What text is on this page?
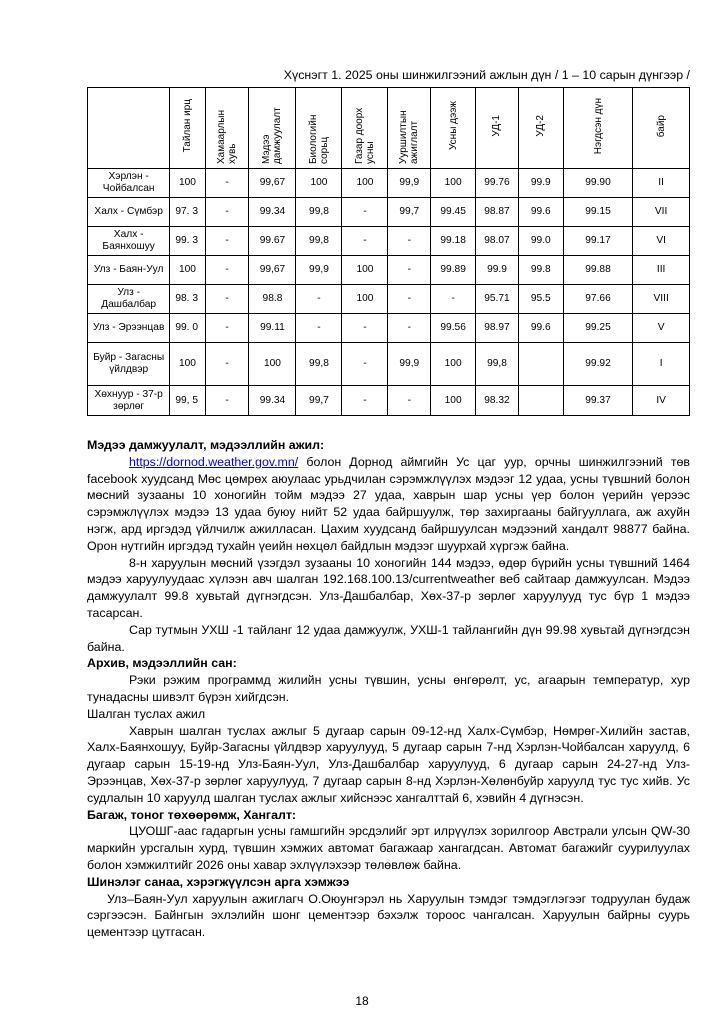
Хүснэгт 1. 2025 оны шинжилгээний ажлын дүн / 1 – 10 сарын дүнгээр /
	Тайлан ирц	Хамаарлын хувь	Мэдээ дамжуулалт	Биологийн сорьц	Газар доорх усны	Ууршилтын ажиглалт	Усны дээж	УД-1	УД-2	Нэгдсэн дүн	байр
Хэрлэн - Чойбалсан	100	-	99,67	100	100	99,9	100	99.76	99.9	99.90	II
Халх - Сүмбэр	97. 3	-	99.34	99,8	-	99,7	99.45	98.87	99.6	99.15	VII
Халх - Баянхошуу	99. 3	-	99.67	99,8	-	-	99.18	98.07	99.0	99.17	VI
Улз - Баян-Уул	100	-	99,67	99,9	100	-	99.89	99.9	99.8	99.88	III
Улз - Дашбалбар	98. 3	-	98.8	-	100	-	-	95.71	95.5	97.66	VIII
Улз - Эрээнцав	99. 0	-	99.11	-	-	-	99.56	98.97	99.6	99.25	V
Буйр - Загасны үйлдвэр	100	-	100	99,8	-	99,9	100	99,8		99.92	I
Хөхнуур - 37-р зөрлөг	99, 5	-	99.34	99,7	-	-	100	98.32		99.37	IV

Мэдээ дамжуулалт, мэдээллийн ажил:

https://dornod.weather.gov.mn/ болон Дорнод аймгийн Ус цаг уур, орчны шинжилгээний төв facebook хуудсанд Мөс цөмрөх аюулаас урьдчилан сэрэмжлүүлэх мэдээг 12 удаа, усны түвшний болон мөсний зузааны 10 хоногийн тойм мэдээ 27 удаа, хаврын шар усны үер болон үерийн үерээс сэрэмжлүүлэх мэдээ 13 удаа буюу нийт 52 удаа байршуулж, төр захиргааны байгууллага, аж ахуйн нэгж, ард иргэдэд үйлчилж ажилласан. Цахим хуудсанд байршуулсан мэдээний хандалт 98877 байна. Орон нутгийн иргэдэд тухайн үеийн нөхцөл байдлын мэдээг шуурхай хүргэж байна.

8-н харуулын мөсний үзэгдэл зузааны 10 хоногийн 144 мэдээ, өдөр бүрийн усны түвшний 1464 мэдээ харуулуудаас хүлээн авч шалган 192.168.100.13/currentweather веб сайтаар дамжуулсан. Мэдээ дамжуулалт 99.8 хувьтай дүгнэгдсэн. Улз-Дашбалбар, Хөх-37-р зөрлөг харуулууд тус бүр 1 мэдээ тасарсан.

Сар тутмын УХШ -1 тайланг 12 удаа дамжуулж, УХШ-1 тайлангийн дүн 99.98 хувьтай дүгнэгдсэн байна.

Архив, мэдээллийн сан:

Рэки рэжим программд жилийн усны түвшин, усны өнгөрөлт, ус, агаарын температур, хур тунадасны шивэлт бүрэн хийгдсэн.

Шалган туслах ажил

Хаврын шалган туслах ажлыг 5 дугаар сарын 09-12-нд Халх-Сүмбэр, Нөмрөг-Хилийн застав, Халх-Баянхошуу, Буйр-Загасны үйлдвэр харуулууд, 5 дугаар сарын 7-нд Хэрлэн-Чойбалсан харуулд, 6 дугаар сарын 15-19-нд Улз-Баян-Уул, Улз-Дашбалбар харуулууд, 6 дугаар сарын 24-27-нд Улз-Эрээнцав, Хөх-37-р зөрлөг харуулууд, 7 дугаар сарын 8-нд Хэрлэн-Хөлөнбуйр харуулд тус тус хийв. Ус судлалын 10 харуулд шалган туслах ажлыг хийснээс хангалттай 6, хэвийн 4 дүгнэсэн.

Багаж, тоног төхөөрөмж, Хангалт:

ЦУОШГ-аас гадаргын усны гамшгийн эрсдэлийг эрт илрүүлэх зорилгоор Австрали улсын QW-30 маркийн урсгалын хурд, түвшин хэмжих автомат багажаар хангагдсан. Автомат багажийг суурилуулах болон хэмжилтийг 2026 оны хавар эхлүүлэхээр төлөвлөж байна.

Шинэлэг санаа, хэрэгжүүлсэн арга хэмжээ

Улз–Баян-Уул харуулын ажиглагч О.Оюунгэрэл нь Харуулын тэмдэг тэмдэглэгээг тодруулан будаж сэргээсэн. Байнгын эхлэлийн шонг цементээр бэхэлж тороос чангалсан. Харуулын байрны суурь цементээр цутгасан.

18
